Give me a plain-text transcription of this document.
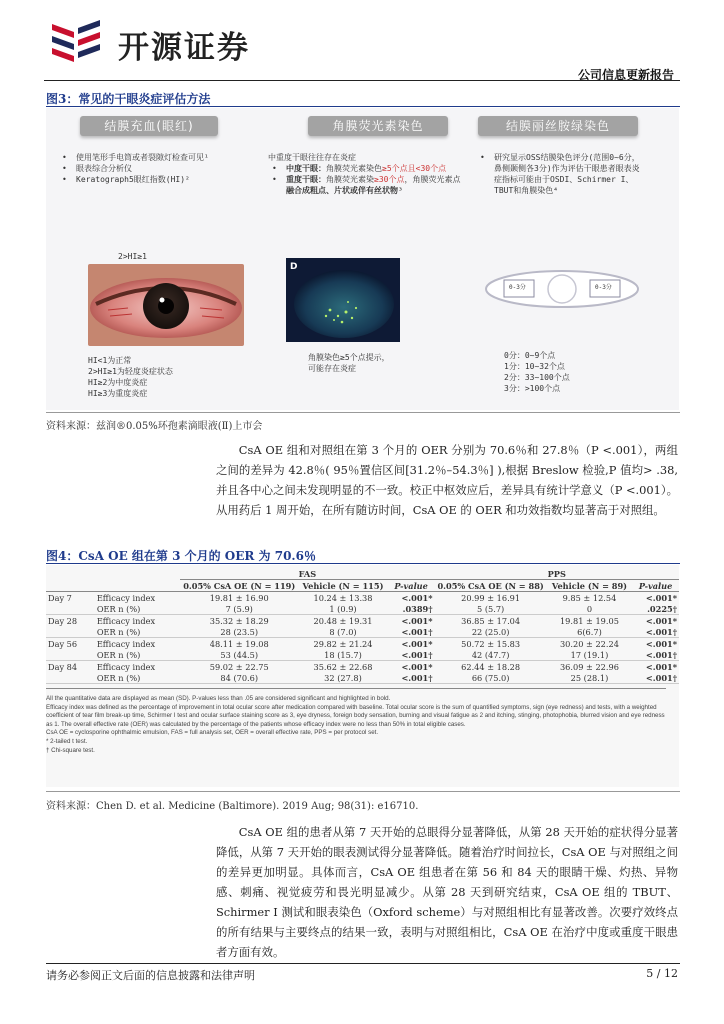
开源证券
公司信息更新报告
图3：常见的干眼炎症评估方法
结膜充血(眼红)
• 使用笔形手电筒或者裂隙灯检查可见¹
• 眼表综合分析仪
• Keratograph5眼红指数(HI)²
2>HI≥1
HI<1为正常
2>HI≥1为轻度炎症状态
HI≥2为中度炎症
HI≥3为重度炎症
角膜荧光素染色
中重度干眼往往存在炎症
• 中度干眼：角膜荧光素染色≥5个点且<30个点
• 重度干眼：角膜荧光素染≥30个点，角膜荧光素点融合成粗点、片状或伴有丝状物³
D
角膜染色≥5个点提示，
可能存在炎症
结膜丽丝胺绿染色
• 研究显示OSS结膜染色评分(范围0~6分，鼻侧颞侧各3分)作为评估干眼患者眼表炎症指标可能由于OSDI、Schirmer I、TBUT和角膜染色⁴
0-3分	0-3分
0分：0~9个点
1分：10~32个点
2分：33~100个点
3分：>100个点
资料来源：兹润®0.05%环孢素滴眼液(Ⅱ)上市会
CsA OE 组和对照组在第 3 个月的 OER 分别为 70.6％和 27.8％（P <.001），两组之间的差异为 42.8％( 95％置信区间[31.2％–54.3％] ),根据 Breslow 检验,P 值均> .38,并且各中心之间未发现明显的不一致。校正中枢效应后，差异具有统计学意义（P <.001）。从用药后 1 周开始，在所有随访时间，CsA OE 的 OER 和功效指数均显著高于对照组。
图4：CsA OE 组在第 3 个月的 OER 为 70.6％
		FAS			PPS		
		0.05% CsA OE (N = 119)	Vehicle (N = 115)	P-value	0.05% CsA OE (N = 88)	Vehicle (N = 89)	P-value
Day 7	Efficacy index	19.81 ± 16.90	10.24 ± 13.38	<.001*	20.99 ± 16.91	9.85 ± 12.54	<.001*
	OER n (%)	7 (5.9)	1 (0.9)	.0389†	5 (5.7)	0	.0225†
Day 28	Efficacy index	35.32 ± 18.29	20.48 ± 19.31	<.001*	36.85 ± 17.04	19.81 ± 19.05	<.001*
	OER n (%)	28 (23.5)	8 (7.0)	<.001†	22 (25.0)	6(6.7)	<.001†
Day 56	Efficacy index	48.11 ± 19.08	29.82 ± 21.24	<.001*	50.72 ± 15.83	30.20 ± 22.24	<.001*
	OER n (%)	53 (44.5)	18 (15.7)	<.001†	42 (47.7)	17 (19.1)	<.001†
Day 84	Efficacy index	59.02 ± 22.75	35.62 ± 22.68	<.001*	62.44 ± 18.28	36.09 ± 22.96	<.001*
	OER n (%)	84 (70.6)	32 (27.8)	<.001†	66 (75.0)	25 (28.1)	<.001†
All the quantitative data are displayed as mean (SD). P-values less than .05 are considered significant and highlighted in bold.
Efficacy index was defined as the percentage of improvement in total ocular score after medication compared with baseline. Total ocular score is the sum of quantified symptoms, sign (eye redness) and tests, with a weighted coefficient of tear film break-up time, Schirmer I test and ocular surface staining score as 3, eye dryness, foreign body sensation, burning and visual fatigue as 2 and itching, stinging, photophobia, blurred vision and eye redness as 1. The overall effective rate (OER) was calculated by the percentage of the patients whose efficacy index were no less than 50% in total eligible cases.
CsA OE = cyclosporine ophthalmic emulsion, FAS = full analysis set, OER = overall effective rate, PPS = per protocol set.
* 2-tailed t test.
† Chi-square test.
资料来源：Chen D. et al. Medicine (Baltimore). 2019 Aug; 98(31): e16710.
CsA OE 组的患者从第 7 天开始的总眼得分显著降低，从第 28 天开始的症状得分显著降低，从第 7 天开始的眼表测试得分显著降低。随着治疗时间拉长，CsA OE 与对照组之间的差异更加明显。具体而言，CsA OE 组患者在第 56 和 84 天的眼睛干燥、灼热、异物感、刺痛、视觉疲劳和畏光明显减少。从第 28 天到研究结束，CsA OE 组的 TBUT、Schirmer I 测试和眼表染色（Oxford scheme）与对照组相比有显著改善。次要疗效终点的所有结果与主要终点的结果一致，表明与对照组相比，CsA OE 在治疗中度或重度干眼患者方面有效。
请务必参阅正文后面的信息披露和法律声明	5 / 12
